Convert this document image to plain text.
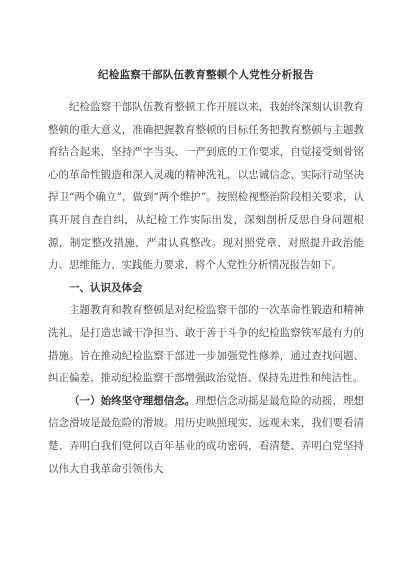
纪检监察干部队伍教育整顿个人党性分析报告

纪检监察干部队伍教育整顿工作开展以来，我始终深刻认识教育整顿的重大意义，准确把握教育整顿的目标任务把教育整顿与主题教育结合起来，坚持严字当头、一严到底的工作要求，自觉接受刻骨铭心的革命性锻造和深入灵魂的精神洗礼，以忠诚信念、实际行动坚决捍卫“两个确立”，做到“两个维护”。按照检视整治阶段相关要求，认真开展自查自纠，从纪检工作实际出发，深刻剖析反思自身问题根源，制定整改措施，严肃认真整改。现对照党章、对照提升政治能力、思维能力、实践能力要求，将个人党性分析情况报告如下。

一、认识及体会

主题教育和教育整顿是对纪检监察干部的一次革命性锻造和精神洗礼，是打造忠诚干净担当、敢于善于斗争的纪检监察铁军最有力的措施。旨在推动纪检监察干部进一步加强党性修养，通过查找问题、纠正偏差，推动纪检监察干部增强政治觉悟、保持先进性和纯洁性。

（一）始终坚守理想信念。理想信念动摇是最危险的动摇，理想信念滑坡是最危险的滑坡。用历史映照现实、远观未来，我们要看清楚、弄明白我们党何以百年基业的成功密码，看清楚、弄明白党坚持以伟大自我革命引领伟大
